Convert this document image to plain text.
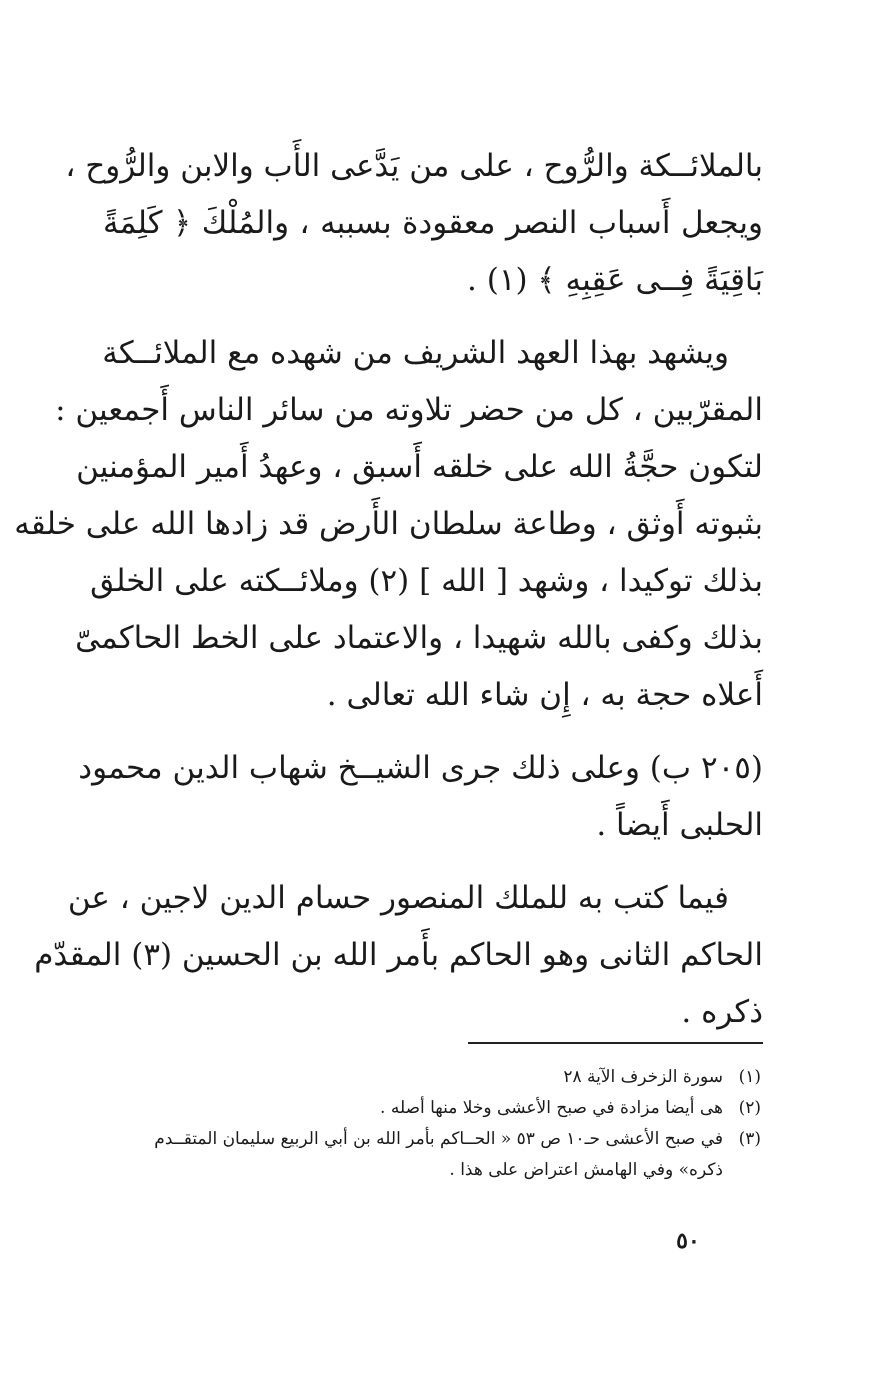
بالملائــكة والرُّوح ، على من يَدَّعى الأَب والابن والرُّوح ،
ويجعل أَسباب النصر معقودة بسببه ، والمُلْكَ ﴿ كَلِمَةً
بَاقِيَةً فِــى عَقِبِهِ ﴾ (١) .
ويشهد بهذا العهد الشريف من شهده مع الملائــكة
المقرّبين ، كل من حضر تلاوته من سائر الناس أَجمعين :
لتكون حجَّةُ الله على خلقه أَسبق ، وعهدُ أَمير المؤمنين
بثبوته أَوثق ، وطاعة سلطان الأَرض قد زادها الله على خلقه
بذلك توكيدا ، وشهد [ الله ] (٢) وملائــكته على الخلق
بذلك وكفى بالله شهيدا ، والاعتماد على الخط الحاكمىّ
أَعلاه حجة به ، إِن شاء الله تعالى .
(٢٠٥ ب) وعلى ذلك جرى الشيــخ شهاب الدين محمود
الحلبى أَيضاً .
فيما كتب به للملك المنصور حسام الدين لاجين ، عن
الحاكم الثانى وهو الحاكم بأَمر الله بن الحسين (٣) المقدّم
ذكره .
(١)سورة الزخرف الآية ٢٨
(٢)هى أيضا مزادة في صبح الأعشى وخلا منها أصله .
(٣)في صبح الأعشى حـ١٠ ص ٥٣ « الحــاكم بأمر الله بن أبي الربيع سليمان المتقــدم
ذكره» وفي الهامش اعتراض على هذا .
٥٠
